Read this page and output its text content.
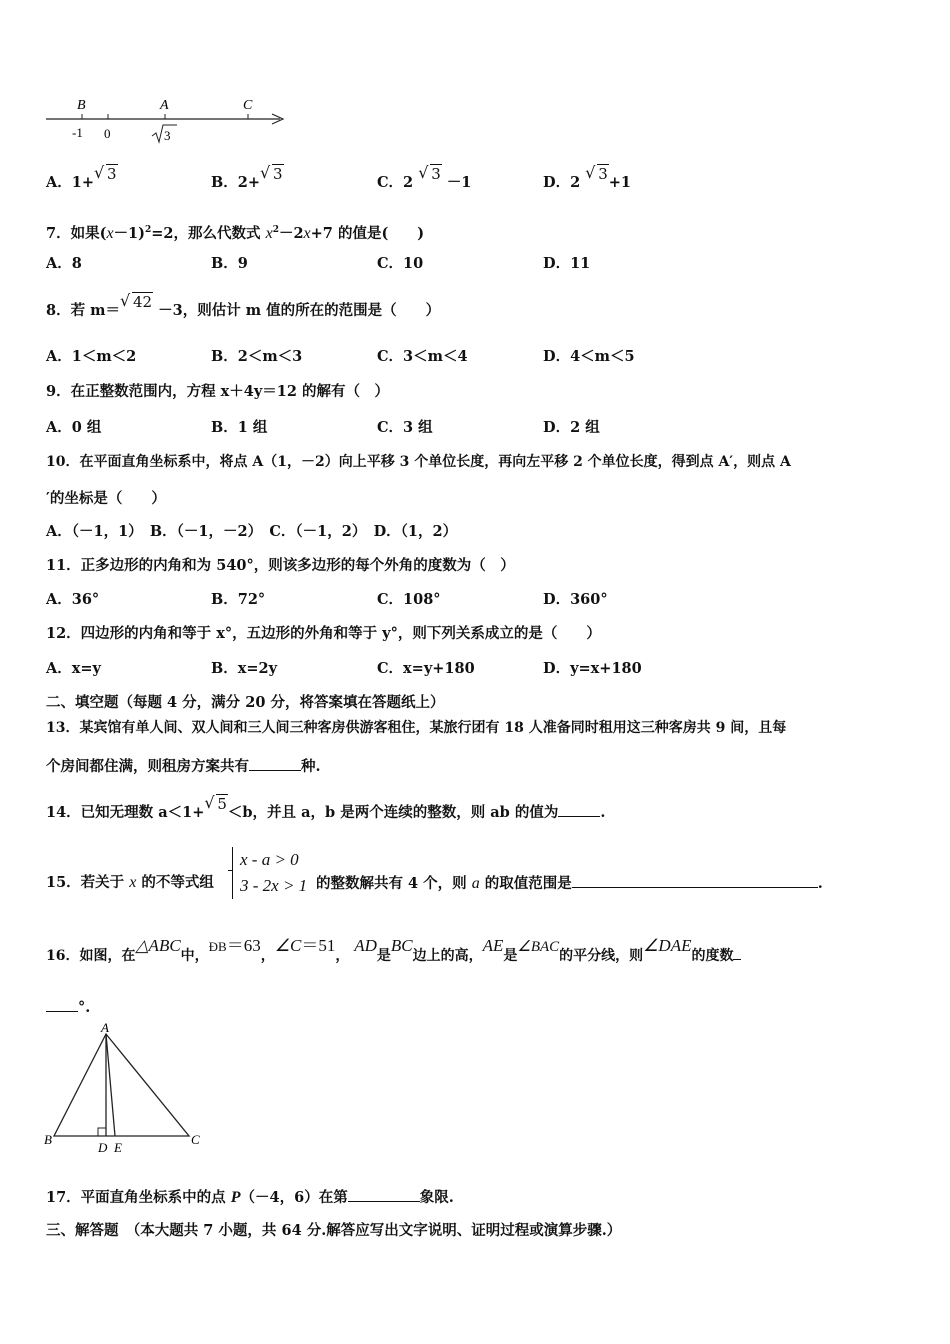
B	A	C
-1 0	3
A．1+ √ 3	B．2+ √ 3	C．2 √ 3 －1	D．2 √ 3+1
7．如果$(x-1)^2=2$，那么代数式 $x^2-2x+7$ 的值是(　　)
A．8	B．9	C．10	D．11
8．若 m＝ √ 42 －3，则估计 m 值的所在的范围是（　　）
A．1＜m＜2	B．2＜m＜3	C．3＜m＜4	D．4＜m＜5
9．在正整数范围内，方程 x＋4y＝12 的解有（　）
A．0 组	B．1 组	C．3 组	D．2 组
10．在平面直角坐标系中，将点 A（1，－2）向上平移 3 个单位长度，再向左平移 2 个单位长度，得到点 A′，则点 A
′的坐标是（　　）
A．（－1，1）　B．（－1，－2）　C．（－1，2）　D．（1，2）
11．正多边形的内角和为 540°，则该多边形的每个外角的度数为（　）
A．36°	B．72°	C．108°	D．360°
12．四边形的内角和等于 x°，五边形的外角和等于 y°，则下列关系成立的是（　　）
A．x=y	B．x=2y	C．x=y+180	D．y=x+180
二、填空题（每题 4 分，满分 20 分，将答案填在答题纸上）
13．某宾馆有单人间、双人间和三人间三种客房供游客租住，某旅行团有 18 人准备同时租用这三种客房共 9 间，且每
个房间都住满，则租房方案共有	种.
14．已知无理数 a＜1+ √ 5＜b，并且 a，b 是两个连续的整数，则 ab 的值为	.
15．若关于 x 的不等式组
x - a > 0
3 - 2x > 1 的整数解共有 4 个，则 a 的取值范围是	.
16．如图，在△ABC中，ÐB＝63，∠C＝51， AD是BC边上的高，AE是∠BAC的平分线，则∠DAE的度数
°.
A
B	C
D E
17．平面直角坐标系中的点 P（－4，6）在第	象限.
三、解答题　（本大题共 7 小题，共 64 分.解答应写出文字说明、证明过程或演算步骤.）
